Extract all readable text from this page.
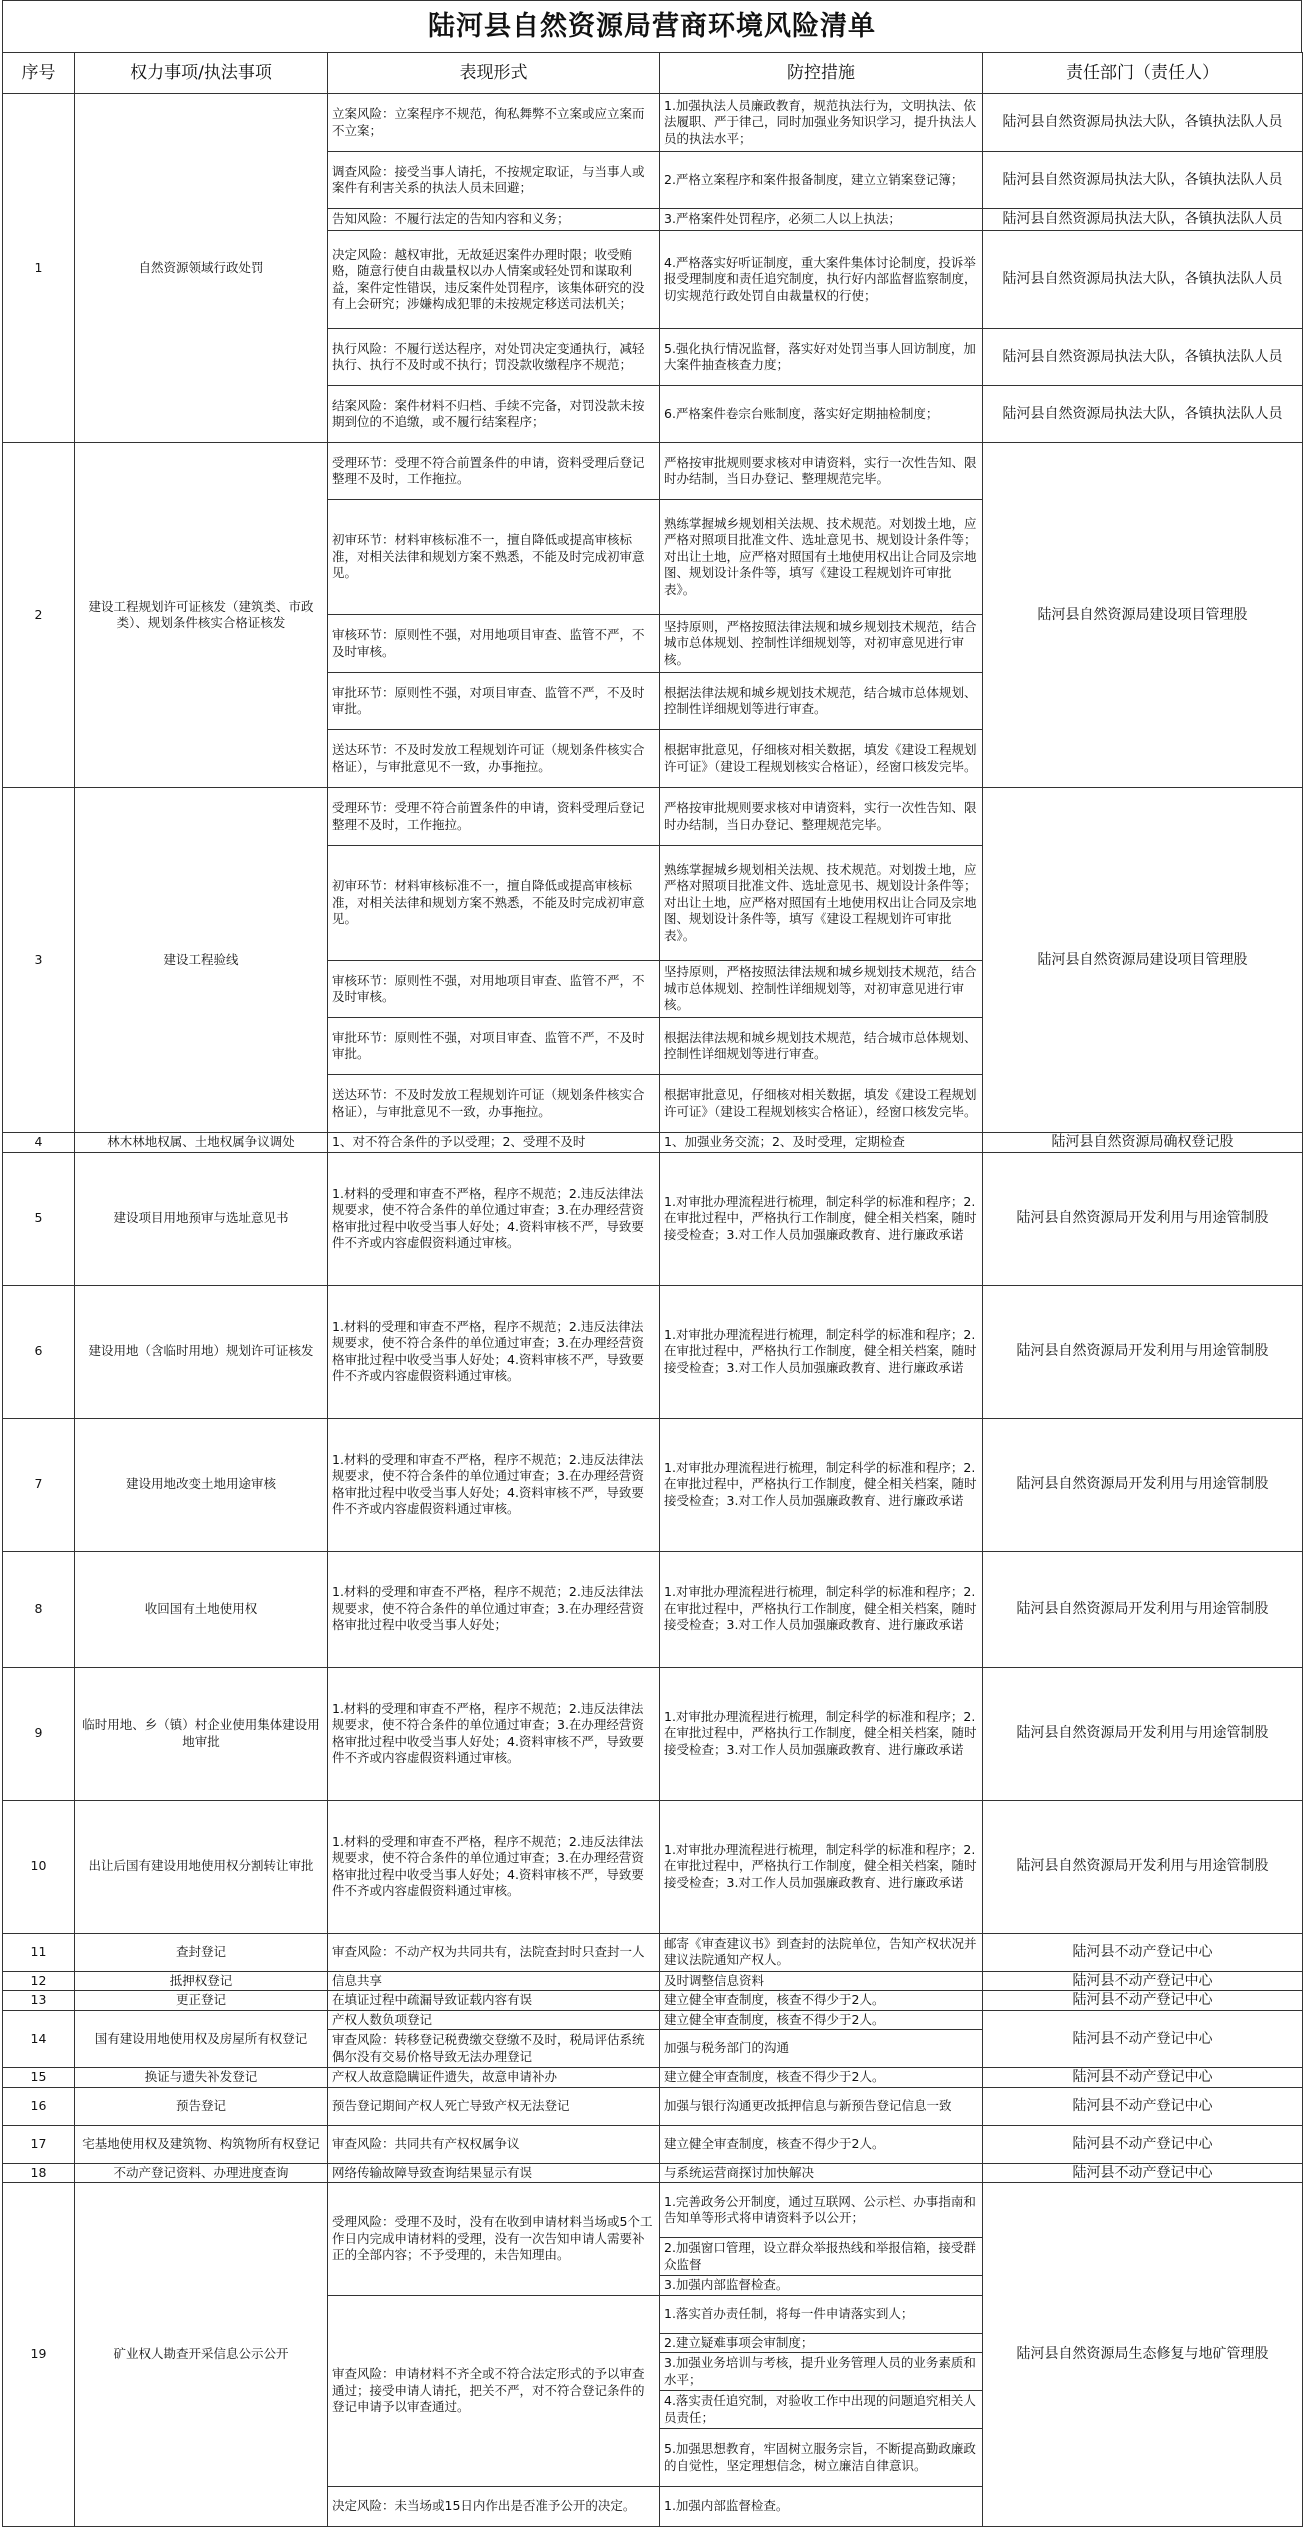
陆河县自然资源局营商环境风险清单
序号	权力事项/执法事项	表现形式	防控措施	责任部门（责任人）
1	自然资源领域行政处罚	立案风险：立案程序不规范，徇私舞弊不立案或应立案而不立案；	1.加强执法人员廉政教育，规范执法行为，文明执法、依法履职、严于律己，同时加强业务知识学习，提升执法人员的执法水平；	陆河县自然资源局执法大队，各镇执法队人员
		调查风险：接受当事人请托，不按规定取证，与当事人或案件有利害关系的执法人员未回避；	2.严格立案程序和案件报备制度，建立立销案登记簿；	陆河县自然资源局执法大队，各镇执法队人员
		告知风险：不履行法定的告知内容和义务；	3.严格案件处罚程序，必须二人以上执法；	陆河县自然资源局执法大队，各镇执法队人员
		决定风险：越权审批，无故延迟案件办理时限；收受贿赂，随意行使自由裁量权以办人情案或轻处罚和谋取利益，案件定性错误，违反案件处罚程序，该集体研究的没有上会研究；涉嫌构成犯罪的未按规定移送司法机关；	4.严格落实好听证制度，重大案件集体讨论制度，投诉举报受理制度和责任追究制度，执行好内部监督监察制度，切实规范行政处罚自由裁量权的行使；	陆河县自然资源局执法大队，各镇执法队人员
		执行风险：不履行送达程序，对处罚决定变通执行，减轻执行、执行不及时或不执行；罚没款收缴程序不规范；	5.强化执行情况监督，落实好对处罚当事人回访制度，加大案件抽查核查力度；	陆河县自然资源局执法大队，各镇执法队人员
		结案风险：案件材料不归档、手续不完备，对罚没款未按期到位的不追缴，或不履行结案程序；	6.严格案件卷宗台账制度，落实好定期抽检制度；	陆河县自然资源局执法大队，各镇执法队人员
2	建设工程规划许可证核发（建筑类、市政类）、规划条件核实合格证核发	受理环节：受理不符合前置条件的申请，资料受理后登记整理不及时，工作拖拉。	严格按审批规则要求核对申请资料，实行一次性告知、限时办结制，当日办登记、整理规范完毕。	陆河县自然资源局建设项目管理股
		初审环节：材料审核标准不一，擅自降低或提高审核标准，对相关法律和规划方案不熟悉，不能及时完成初审意见。	熟练掌握城乡规划相关法规、技术规范。对划拨土地，应严格对照项目批准文件、选址意见书、规划设计条件等；对出让土地，应严格对照国有土地使用权出让合同及宗地图、规划设计条件等，填写《建设工程规划许可审批表》。	
		审核环节：原则性不强，对用地项目审查、监管不严，不及时审核。	坚持原则，严格按照法律法规和城乡规划技术规范，结合城市总体规划、控制性详细规划等，对初审意见进行审核。	
		审批环节：原则性不强，对项目审查、监管不严，不及时审批。	根据法律法规和城乡规划技术规范，结合城市总体规划、控制性详细规划等进行审查。	
		送达环节：不及时发放工程规划许可证（规划条件核实合格证），与审批意见不一致，办事拖拉。	根据审批意见，仔细核对相关数据，填发《建设工程规划许可证》（建设工程规划核实合格证），经窗口核发完毕。	
3	建设工程验线	受理环节：受理不符合前置条件的申请，资料受理后登记整理不及时，工作拖拉。	严格按审批规则要求核对申请资料，实行一次性告知、限时办结制，当日办登记、整理规范完毕。	陆河县自然资源局建设项目管理股
		初审环节：材料审核标准不一，擅自降低或提高审核标准，对相关法律和规划方案不熟悉，不能及时完成初审意见。	熟练掌握城乡规划相关法规、技术规范。对划拨土地，应严格对照项目批准文件、选址意见书、规划设计条件等；对出让土地，应严格对照国有土地使用权出让合同及宗地图、规划设计条件等，填写《建设工程规划许可审批表》。	
		审核环节：原则性不强，对用地项目审查、监管不严，不及时审核。	坚持原则，严格按照法律法规和城乡规划技术规范，结合城市总体规划、控制性详细规划等，对初审意见进行审核。	
		审批环节：原则性不强，对项目审查、监管不严，不及时审批。	根据法律法规和城乡规划技术规范，结合城市总体规划、控制性详细规划等进行审查。	
		送达环节：不及时发放工程规划许可证（规划条件核实合格证），与审批意见不一致，办事拖拉。	根据审批意见，仔细核对相关数据，填发《建设工程规划许可证》（建设工程规划核实合格证），经窗口核发完毕。	
4	林木林地权属、土地权属争议调处	1、对不符合条件的予以受理；2、受理不及时	1、加强业务交流；2、及时受理，定期检查	陆河县自然资源局确权登记股
5	建设项目用地预审与选址意见书	1.材料的受理和审查不严格，程序不规范；2.违反法律法规要求，使不符合条件的单位通过审查；3.在办理经营资格审批过程中收受当事人好处；4.资料审核不严，导致要件不齐或内容虚假资料通过审核。	1.对审批办理流程进行梳理，制定科学的标准和程序；2.在审批过程中，严格执行工作制度，健全相关档案，随时接受检查；3.对工作人员加强廉政教育、进行廉政承诺	陆河县自然资源局开发利用与用途管制股
6	建设用地（含临时用地）规划许可证核发	1.材料的受理和审查不严格，程序不规范；2.违反法律法规要求，使不符合条件的单位通过审查；3.在办理经营资格审批过程中收受当事人好处；4.资料审核不严，导致要件不齐或内容虚假资料通过审核。	1.对审批办理流程进行梳理，制定科学的标准和程序；2.在审批过程中，严格执行工作制度，健全相关档案，随时接受检查；3.对工作人员加强廉政教育、进行廉政承诺	陆河县自然资源局开发利用与用途管制股
7	建设用地改变土地用途审核	1.材料的受理和审查不严格，程序不规范；2.违反法律法规要求，使不符合条件的单位通过审查；3.在办理经营资格审批过程中收受当事人好处；4.资料审核不严，导致要件不齐或内容虚假资料通过审核。	1.对审批办理流程进行梳理，制定科学的标准和程序；2.在审批过程中，严格执行工作制度，健全相关档案，随时接受检查；3.对工作人员加强廉政教育、进行廉政承诺	陆河县自然资源局开发利用与用途管制股
8	收回国有土地使用权	1.材料的受理和审查不严格，程序不规范；2.违反法律法规要求，使不符合条件的单位通过审查；3.在办理经营资格审批过程中收受当事人好处；	1.对审批办理流程进行梳理，制定科学的标准和程序；2.在审批过程中，严格执行工作制度，健全相关档案，随时接受检查；3.对工作人员加强廉政教育、进行廉政承诺	陆河县自然资源局开发利用与用途管制股
9	临时用地、乡（镇）村企业使用集体建设用地审批	1.材料的受理和审查不严格，程序不规范；2.违反法律法规要求，使不符合条件的单位通过审查；3.在办理经营资格审批过程中收受当事人好处；4.资料审核不严，导致要件不齐或内容虚假资料通过审核。	1.对审批办理流程进行梳理，制定科学的标准和程序；2.在审批过程中，严格执行工作制度，健全相关档案，随时接受检查；3.对工作人员加强廉政教育、进行廉政承诺	陆河县自然资源局开发利用与用途管制股
10	出让后国有建设用地使用权分割转让审批	1.材料的受理和审查不严格，程序不规范；2.违反法律法规要求，使不符合条件的单位通过审查；3.在办理经营资格审批过程中收受当事人好处；4.资料审核不严，导致要件不齐或内容虚假资料通过审核。	1.对审批办理流程进行梳理，制定科学的标准和程序；2.在审批过程中，严格执行工作制度，健全相关档案，随时接受检查；3.对工作人员加强廉政教育、进行廉政承诺	陆河县自然资源局开发利用与用途管制股
11	查封登记	审查风险：不动产权为共同共有，法院查封时只查封一人	邮寄《审查建议书》到查封的法院单位，告知产权状况并建议法院通知产权人。	陆河县不动产登记中心
12	抵押权登记	信息共享	及时调整信息资料	陆河县不动产登记中心
13	更正登记	在填证过程中疏漏导致证载内容有误	建立健全审查制度，核查不得少于2人。	陆河县不动产登记中心
14	国有建设用地使用权及房屋所有权登记	产权人数负项登记	建立健全审查制度，核查不得少于2人。	陆河县不动产登记中心
		审查风险：转移登记税费缴交登缴不及时，税局评估系统偶尔没有交易价格导致无法办理登记	加强与税务部门的沟通	
15	换证与遗失补发登记	产权人故意隐瞒证件遗失，故意申请补办	建立健全审查制度，核查不得少于2人。	陆河县不动产登记中心
16	预告登记	预告登记期间产权人死亡导致产权无法登记	加强与银行沟通更改抵押信息与新预告登记信息一致	陆河县不动产登记中心
17	宅基地使用权及建筑物、构筑物所有权登记	审查风险：共同共有产权权属争议	建立健全审查制度，核查不得少于2人。	陆河县不动产登记中心
18	不动产登记资料、办理进度查询	网络传输故障导致查询结果显示有误	与系统运营商探讨加快解决	陆河县不动产登记中心
19	矿业权人勘查开采信息公示公开	受理风险：受理不及时，没有在收到申请材料当场或5个工作日内完成申请材料的受理，没有一次告知申请人需要补正的全部内容；不予受理的，未告知理由。	1.完善政务公开制度，通过互联网、公示栏、办事指南和告知单等形式将申请资料予以公开；	陆河县自然资源局生态修复与地矿管理股
			2.加强窗口管理，设立群众举报热线和举报信箱，接受群众监督	
			3.加强内部监督检查。	
		审查风险：申请材料不齐全或不符合法定形式的予以审查通过；接受申请人请托，把关不严，对不符合登记条件的登记申请予以审查通过。	1.落实首办责任制，将每一件申请落实到人；	
			2.建立疑难事项会审制度；	
			3.加强业务培训与考核，提升业务管理人员的业务素质和水平；	
			4.落实责任追究制，对验收工作中出现的问题追究相关人员责任；	
			5.加强思想教育，牢固树立服务宗旨，不断提高勤政廉政的自觉性，坚定理想信念，树立廉洁自律意识。	
		决定风险：未当场或15日内作出是否准予公开的决定。	1.加强内部监督检查。	
